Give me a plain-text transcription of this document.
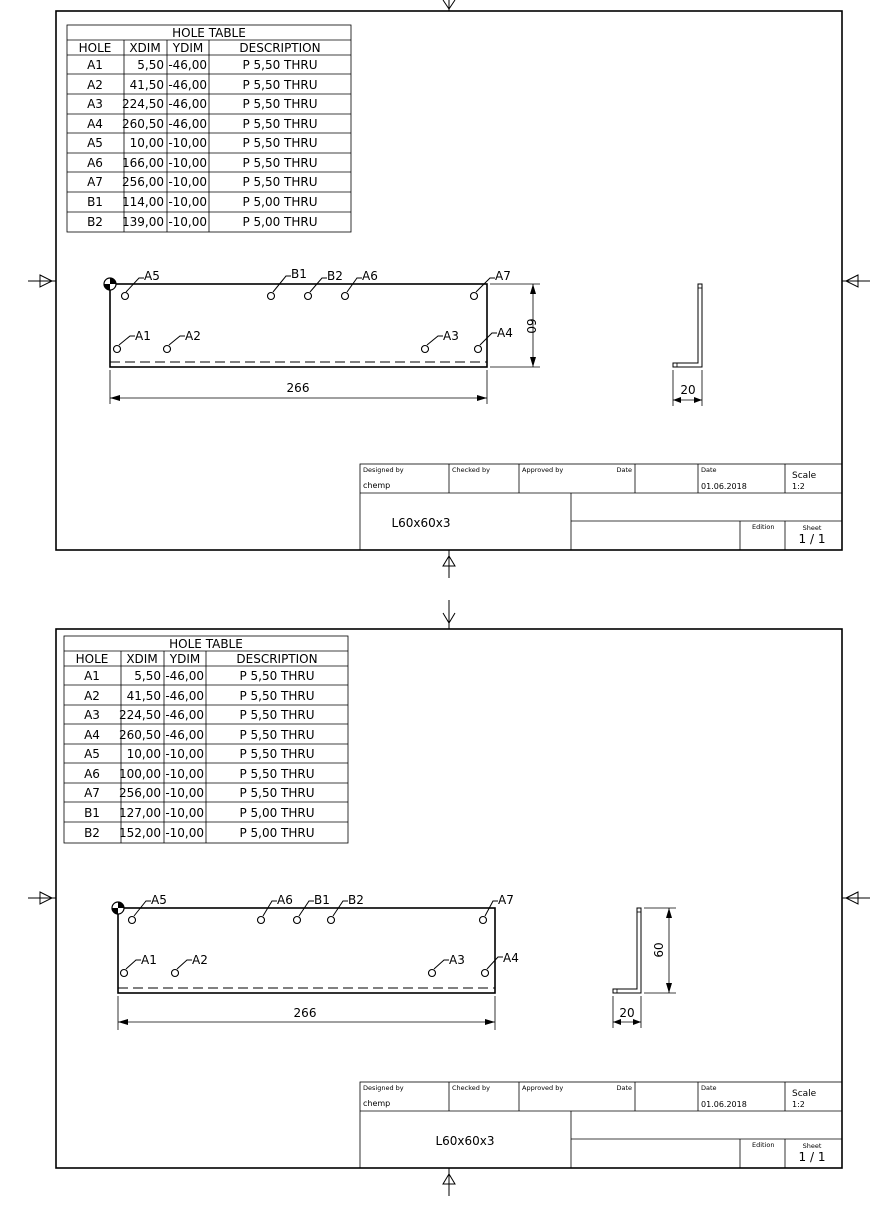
HOLE TABLE
HOLE XDIM YDIM	DESCRIPTION
A1	5,50 -46,00	P 5,50 THRU
A2 41,50 -46,00	P 5,50 THRU
A3 224,50 -46,00	P 5,50 THRU
A4 260,50 -46,00	P 5,50 THRU
A5 10,00 -10,00	P 5,50 THRU
A6 166,00 -10,00	P 5,50 THRU
A7 256,00 -10,00	P 5,50 THRU
B1 114,00 -10,00	P 5,00 THRU
B2 139,00 -10,00	P 5,00 THRU
A5	B1 B2 A6	A7
A1	A2	A3	A4
266
60
20
Designed by
chemp
Checked by	Approved by	Date	Date
01.06.2018
Scale
1:2
L60x60x3	Edition	Sheet
1 / 1
HOLE TABLE
HOLE XDIM YDIM	DESCRIPTION
A1	5,50 -46,00	P 5,50 THRU
A2 41,50 -46,00	P 5,50 THRU
A3 224,50 -46,00	P 5,50 THRU
A4 260,50 -46,00	P 5,50 THRU
A5 10,00 -10,00	P 5,50 THRU
A6 100,00 -10,00	P 5,50 THRU
A7 256,00 -10,00	P 5,50 THRU
B1 127,00 -10,00	P 5,00 THRU
B2 152,00 -10,00	P 5,00 THRU
A5	A6 B1 B2	A7
A1	A2	A3	A4
266
60
20
Designed by
chemp
Checked by	Approved by	Date	Date
01.06.2018
Scale
1:2
L60x60x3	Edition	Sheet
1 / 1
